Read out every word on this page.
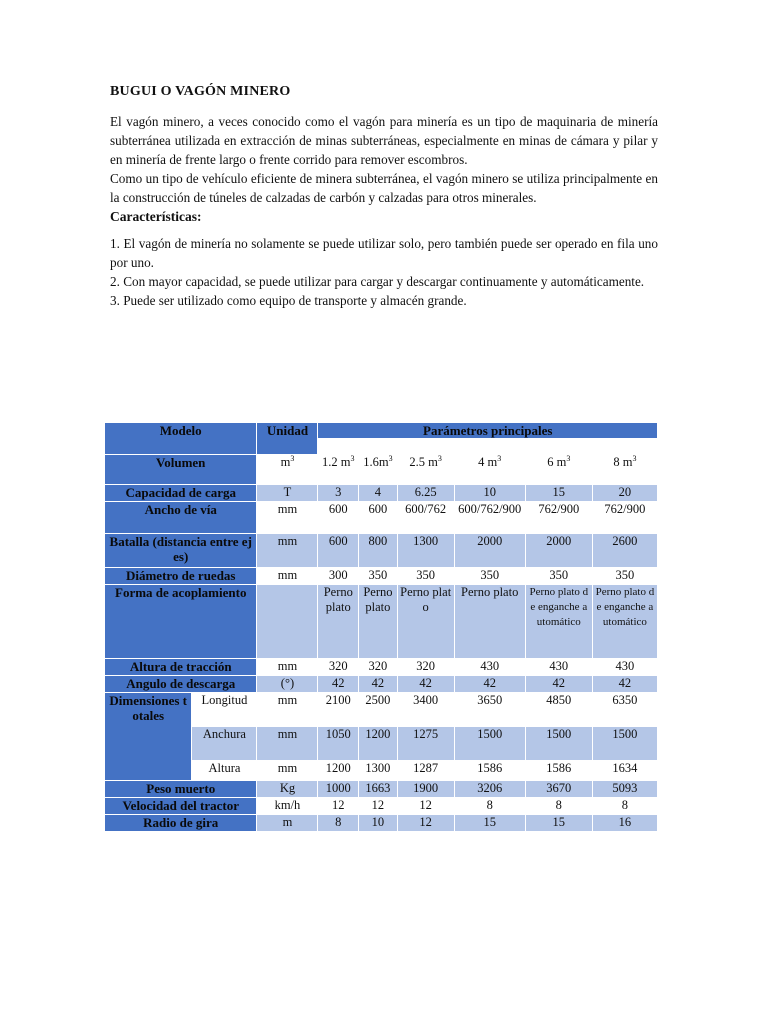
BUGUI O VAGÓN MINERO

El vagón minero, a veces conocido como el vagón para minería es un tipo de maquinaria de minería subterránea utilizada en extracción de minas subterráneas, especialmente en minas de cámara y pilar y en minería de frente largo o frente corrido para remover escombros.

Como un tipo de vehículo eficiente de minera subterránea, el vagón minero se utiliza principalmente en la construcción de túneles de calzadas de carbón y calzadas para otros minerales.

Características:

1. El vagón de minería no solamente se puede utilizar solo, pero también puede ser operado en fila uno por uno.

2. Con mayor capacidad, se puede utilizar para cargar y descargar continuamente y automáticamente.

3. Puede ser utilizado como equipo de transporte y almacén grande.

Modelo		Unidad	Parámetros principales					

Volumen		$m^3$	1.2 $m^3$	$1.6m^3$	2.5 $m^3$	4 $m^3$	6 $m^3$	8 $m^3$
Capacidad de carga		T	3	4	6.25	10	15	20
Ancho de vía		mm	600	600	600/762	600/762/900	762/900	762/900
Batalla (distancia entre ejes)		mm	600	800	1300	2000	2000	2600
Diámetro de ruedas		mm	300	350	350	350	350	350
Forma de acoplamiento			Perno plato	Perno plato	Perno plato	Perno plato	Perno plato de enganche automático	Perno plato de enganche automático
Altura de tracción		mm	320	320	320	430	430	430
Angulo de descarga		(°)	42	42	42	42	42	42
Dimensiones totales	Longitud	mm	2100	2500	3400	3650	4850	6350
	Anchura	mm	1050	1200	1275	1500	1500	1500
	Altura	mm	1200	1300	1287	1586	1586	1634
Peso muerto		Kg	1000	1663	1900	3206	3670	5093
Velocidad del tractor		km/h	12	12	12	8	8	8
Radio de gira		m	8	10	12	15	15	16
